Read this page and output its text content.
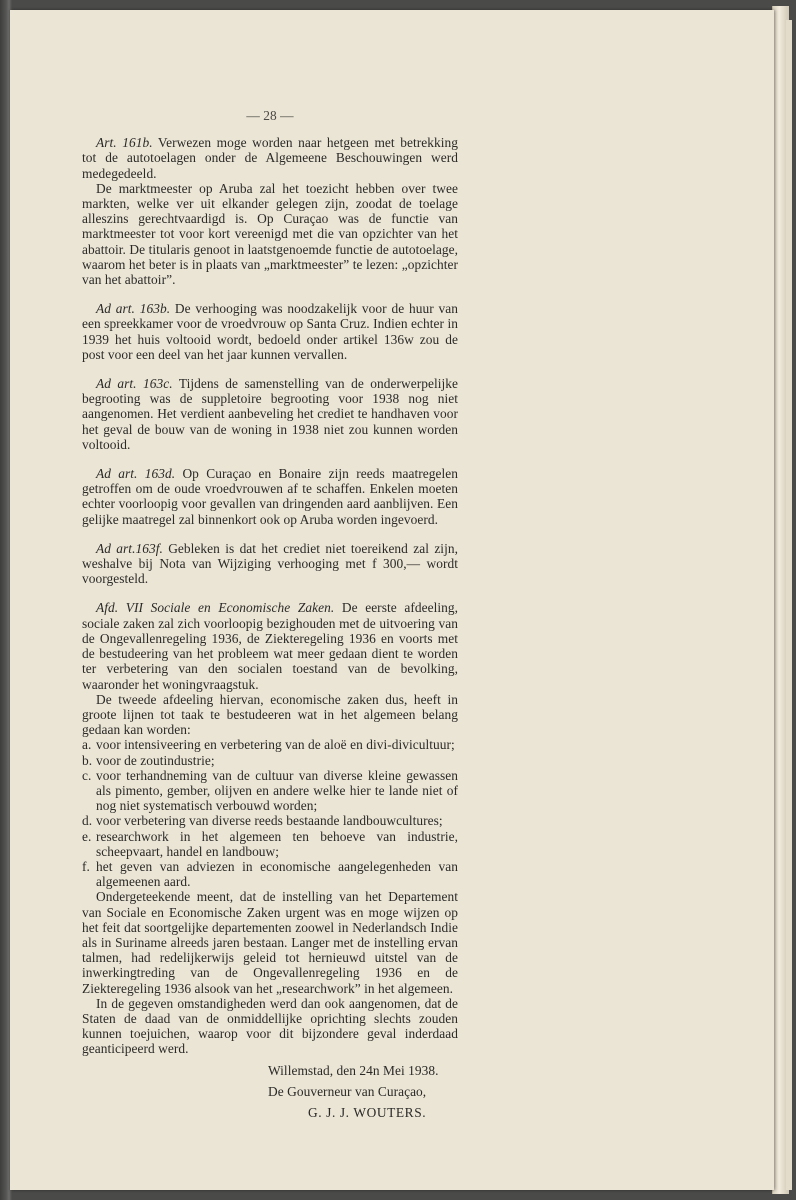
— 28 —

Art. 161b. Verwezen moge worden naar hetgeen met betrekking tot de autotoelagen onder de Algemeene Beschouwingen werd medegedeeld.

De marktmeester op Aruba zal het toezicht hebben over twee markten, welke ver uit elkander gelegen zijn, zoodat de toelage alleszins gerechtvaardigd is. Op Curaçao was de functie van marktmeester tot voor kort vereenigd met die van opzichter van het abattoir. De titularis genoot in laatstgenoemde functie de autotoelage, waarom het beter is in plaats van „marktmeester” te lezen: „opzichter van het abattoir”.

Ad art. 163b. De verhooging was noodzakelijk voor de huur van een spreekkamer voor de vroedvrouw op Santa Cruz. Indien echter in 1939 het huis voltooid wordt, bedoeld onder artikel 136w zou de post voor een deel van het jaar kunnen vervallen.

Ad art. 163c. Tijdens de samenstelling van de onderwerpelijke begrooting was de suppletoire begrooting voor 1938 nog niet aangenomen. Het verdient aanbeveling het crediet te handhaven voor het geval de bouw van de woning in 1938 niet zou kunnen worden voltooid.

Ad art. 163d. Op Curaçao en Bonaire zijn reeds maatregelen getroffen om de oude vroedvrouwen af te schaffen. Enkelen moeten echter voorloopig voor gevallen van dringenden aard aanblijven. Een gelijke maatregel zal binnenkort ook op Aruba worden ingevoerd.

Ad art.163f. Gebleken is dat het crediet niet toereikend zal zijn, weshalve bij Nota van Wijziging verhooging met f 300,— wordt voorgesteld.

Afd. VII Sociale en Economische Zaken. De eerste afdeeling, sociale zaken zal zich voorloopig bezighouden met de uitvoering van de Ongevallenregeling 1936, de Ziekteregeling 1936 en voorts met de bestudeering van het probleem wat meer gedaan dient te worden ter verbetering van den socialen toestand van de bevolking, waaronder het woningvraagstuk.

De tweede afdeeling hiervan, economische zaken dus, heeft in groote lijnen tot taak te bestudeeren wat in het algemeen belang gedaan kan worden:

a. voor intensiveering en verbetering van de aloë en divi-divicultuur;
b. voor de zoutindustrie;
c. voor terhandneming van de cultuur van diverse kleine gewassen als pimento, gember, olijven en andere welke hier te lande niet of nog niet systematisch verbouwd worden;
d. voor verbetering van diverse reeds bestaande landbouwcultures;
e. researchwork in het algemeen ten behoeve van industrie, scheepvaart, handel en landbouw;
f. het geven van adviezen in economische aangelegenheden van algemeenen aard.

Ondergeteekende meent, dat de instelling van het Departement van Sociale en Economische Zaken urgent was en moge wijzen op het feit dat soortgelijke departementen zoowel in Nederlandsch Indie als in Suriname alreeds jaren bestaan. Langer met de instelling ervan talmen, had redelijkerwijs geleid tot hernieuwd uitstel van de inwerkingtreding van de Ongevallenregeling 1936 en de Ziekteregeling 1936 alsook van het „researchwork” in het algemeen.

In de gegeven omstandigheden werd dan ook aangenomen, dat de Staten de daad van de onmiddellijke oprichting slechts zouden kunnen toejuichen, waarop voor dit bijzondere geval inderdaad geanticipeerd werd.

Willemstad, den 24n Mei 1938.
De Gouverneur van Curaçao,
G. J. J. WOUTERS.
